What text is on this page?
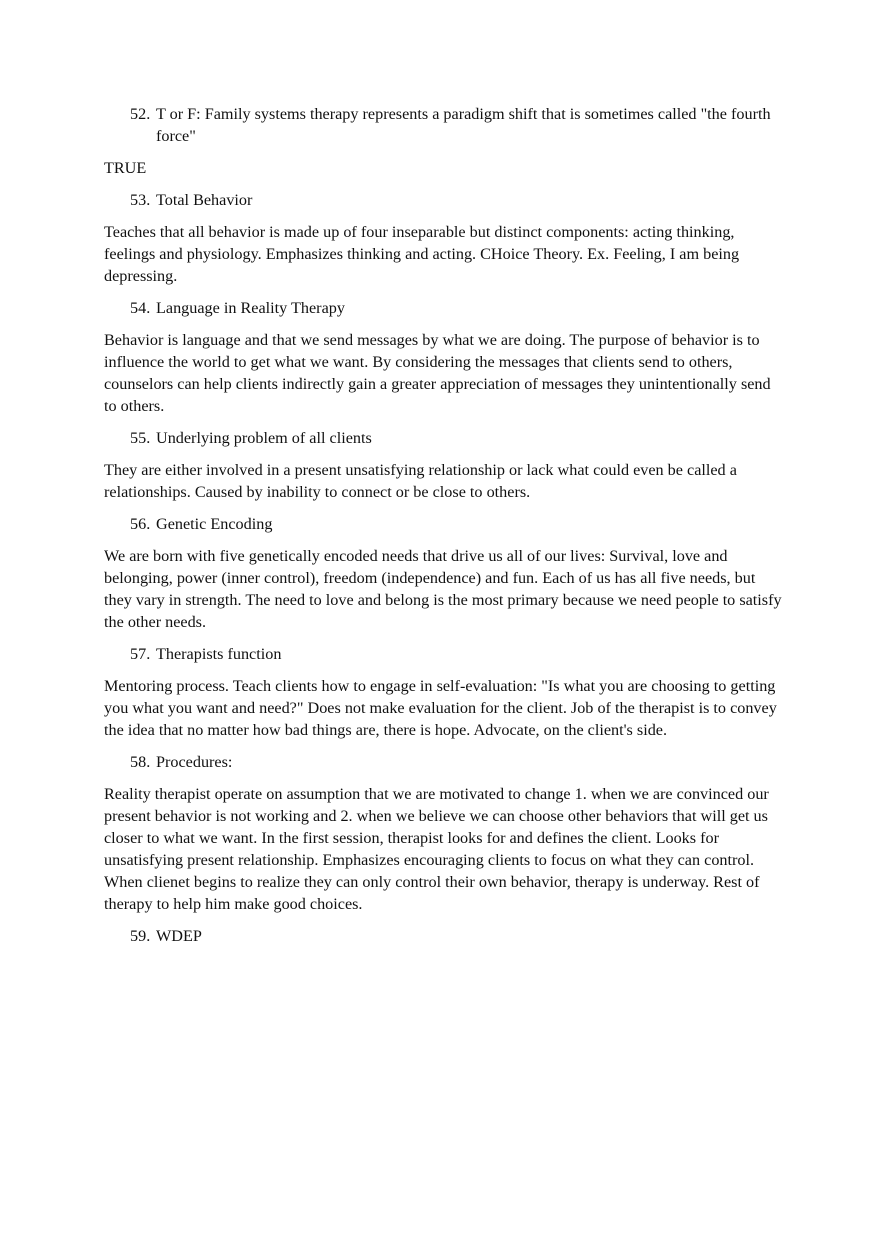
52. T or F: Family systems therapy represents a paradigm shift that is sometimes called "the fourth force"

TRUE

53. Total Behavior

Teaches that all behavior is made up of four inseparable but distinct components: acting thinking, feelings and physiology. Emphasizes thinking and acting. CHoice Theory. Ex. Feeling, I am being depressing.

54. Language in Reality Therapy

Behavior is language and that we send messages by what we are doing. The purpose of behavior is to influence the world to get what we want. By considering the messages that clients send to others, counselors can help clients indirectly gain a greater appreciation of messages they unintentionally send to others.

55. Underlying problem of all clients

They are either involved in a present unsatisfying relationship or lack what could even be called a relationships. Caused by inability to connect or be close to others.

56. Genetic Encoding

We are born with five genetically encoded needs that drive us all of our lives: Survival, love and belonging, power (inner control), freedom (independence) and fun. Each of us has all five needs, but they vary in strength. The need to love and belong is the most primary because we need people to satisfy the other needs.

57. Therapists function

Mentoring process. Teach clients how to engage in self-evaluation: "Is what you are choosing to getting you what you want and need?" Does not make evaluation for the client. Job of the therapist is to convey the idea that no matter how bad things are, there is hope. Advocate, on the client's side.

58. Procedures:

Reality therapist operate on assumption that we are motivated to change 1. when we are convinced our present behavior is not working and 2. when we believe we can choose other behaviors that will get us closer to what we want. In the first session, therapist looks for and defines the client. Looks for unsatisfying present relationship. Emphasizes encouraging clients to focus on what they can control. When clienet begins to realize they can only control their own behavior, therapy is underway. Rest of therapy to help him make good choices.

59. WDEP
